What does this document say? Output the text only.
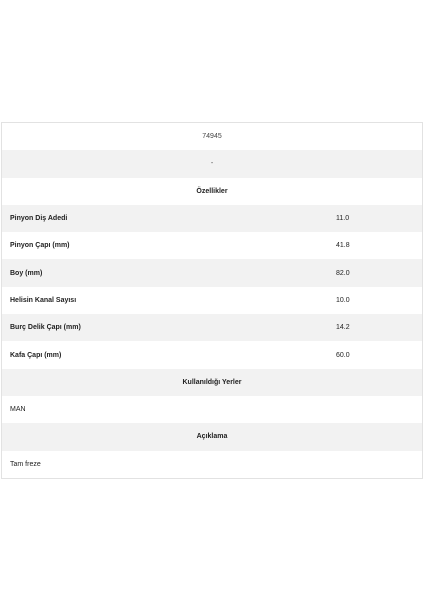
74945
-
Özellikler
Pinyon Diş Adedi	11.0
Pinyon Çapı (mm)	41.8
Boy (mm)	82.0
Helisin Kanal Sayısı	10.0
Burç Delik Çapı (mm)	14.2
Kafa Çapı (mm)	60.0
Kullanıldığı Yerler
MAN
Açıklama
Tam freze
